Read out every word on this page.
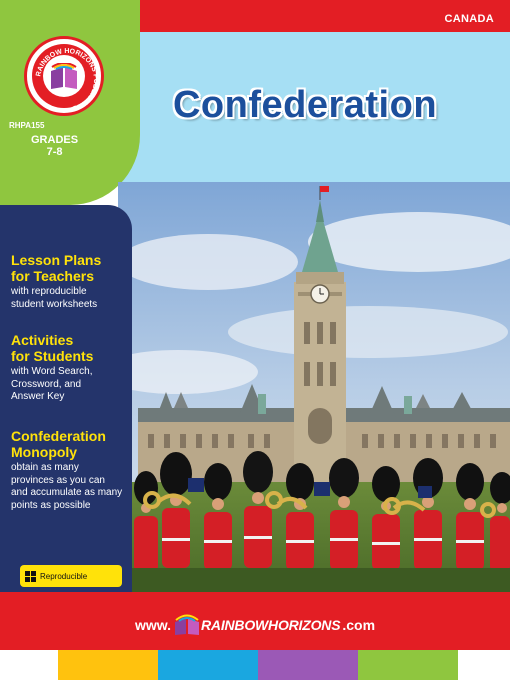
CANADA
RAINBOW HORIZONS PUBLISHING
RHPA155
GRADES
7-8
Confederation
Lesson Plans
for Teachers
with reproducible
student worksheets
Activities
for Students
with Word Search,
Crossword, and
Answer Key
Confederation
Monopoly
obtain as many
provinces as you can
and accumulate as many
points as possible
Reproducible
www. RAINBOW HORIZONS .com
